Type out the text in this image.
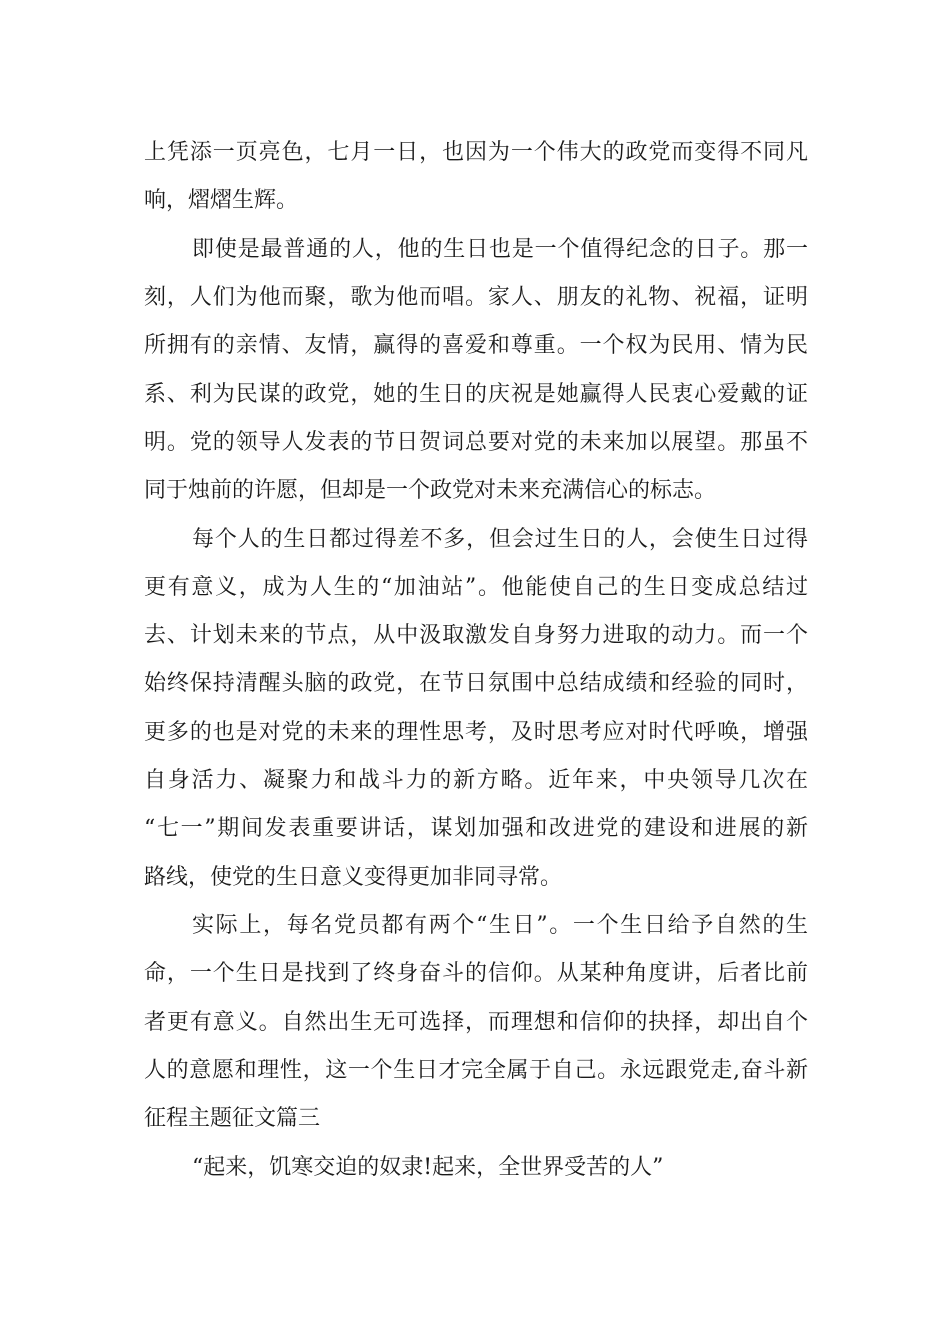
上凭添一页亮色，七月一日，也因为一个伟大的政党而变得不同凡
响，熠熠生辉。
即使是最普通的人，他的生日也是一个值得纪念的日子。那一
刻，人们为他而聚，歌为他而唱。家人、朋友的礼物、祝福，证明
所拥有的亲情、友情，赢得的喜爱和尊重。一个权为民用、情为民
系、利为民谋的政党，她的生日的庆祝是她赢得人民衷心爱戴的证
明。党的领导人发表的节日贺词总要对党的未来加以展望。那虽不
同于烛前的许愿，但却是一个政党对未来充满信心的标志。
每个人的生日都过得差不多，但会过生日的人，会使生日过得
更有意义，成为人生的“加油站”。他能使自己的生日变成总结过
去、计划未来的节点，从中汲取激发自身努力进取的动力。而一个
始终保持清醒头脑的政党，在节日氛围中总结成绩和经验的同时，
更多的也是对党的未来的理性思考，及时思考应对时代呼唤，增强
自身活力、凝聚力和战斗力的新方略。近年来，中央领导几次在
“七一”期间发表重要讲话，谋划加强和改进党的建设和进展的新
路线，使党的生日意义变得更加非同寻常。
实际上，每名党员都有两个“生日”。一个生日给予自然的生
命，一个生日是找到了终身奋斗的信仰。从某种角度讲，后者比前
者更有意义。自然出生无可选择，而理想和信仰的抉择，却出自个
人的意愿和理性，这一个生日才完全属于自己。永远跟党走,奋斗新
征程主题征文篇三
“起来，饥寒交迫的奴隶!起来，全世界受苦的人”
